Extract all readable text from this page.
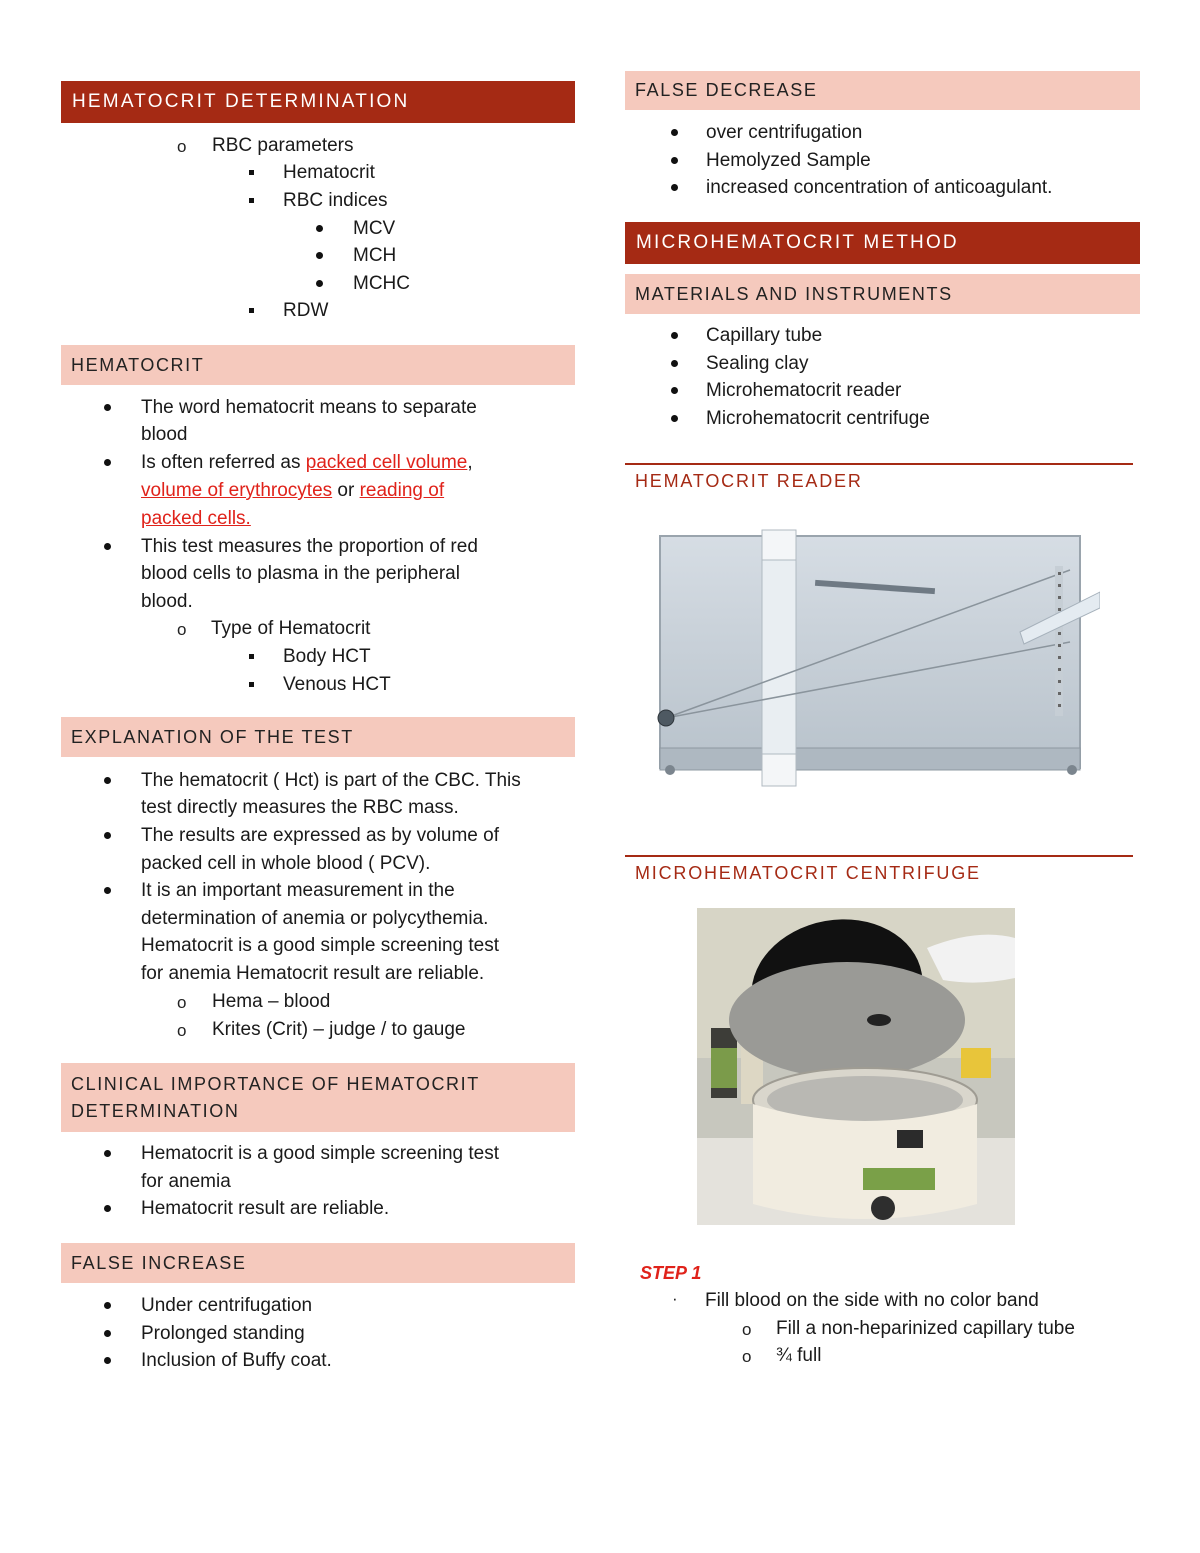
HEMATOCRIT DETERMINATION
o RBC parameters
Hematocrit
RBC indices
MCV
MCH
MCHC
RDW
HEMATOCRIT
The word hematocrit means to separate
blood
Is often referred as packed cell volume,
volume of erythrocytes or reading of
packed cells.
This test measures the proportion of red
blood cells to plasma in the peripheral
blood.
o Type of Hematocrit
Body HCT
Venous HCT
EXPLANATION OF THE TEST
The hematocrit ( Hct) is part of the CBC. This
test directly measures the RBC mass.
The results are expressed as by volume of
packed cell in whole blood ( PCV).
It is an important measurement in the
determination of anemia or polycythemia.
Hematocrit is a good simple screening test
for anemia Hematocrit result are reliable.
o Hema – blood
o Krites (Crit) – judge / to gauge
CLINICAL IMPORTANCE OF HEMATOCRIT
DETERMINATION
Hematocrit is a good simple screening test
for anemia
Hematocrit result are reliable.
FALSE INCREASE
Under centrifugation
Prolonged standing
Inclusion of Buffy coat.
FALSE DECREASE
over centrifugation
Hemolyzed Sample
increased concentration of anticoagulant.
MICROHEMATOCRIT METHOD
MATERIALS AND INSTRUMENTS
Capillary tube
Sealing clay
Microhematocrit reader
Microhematocrit centrifuge
HEMATOCRIT READER
MICROHEMATOCRIT CENTRIFUGE
STEP 1
· Fill blood on the side with no color band
o Fill a non-heparinized capillary tube
o ¾ full
